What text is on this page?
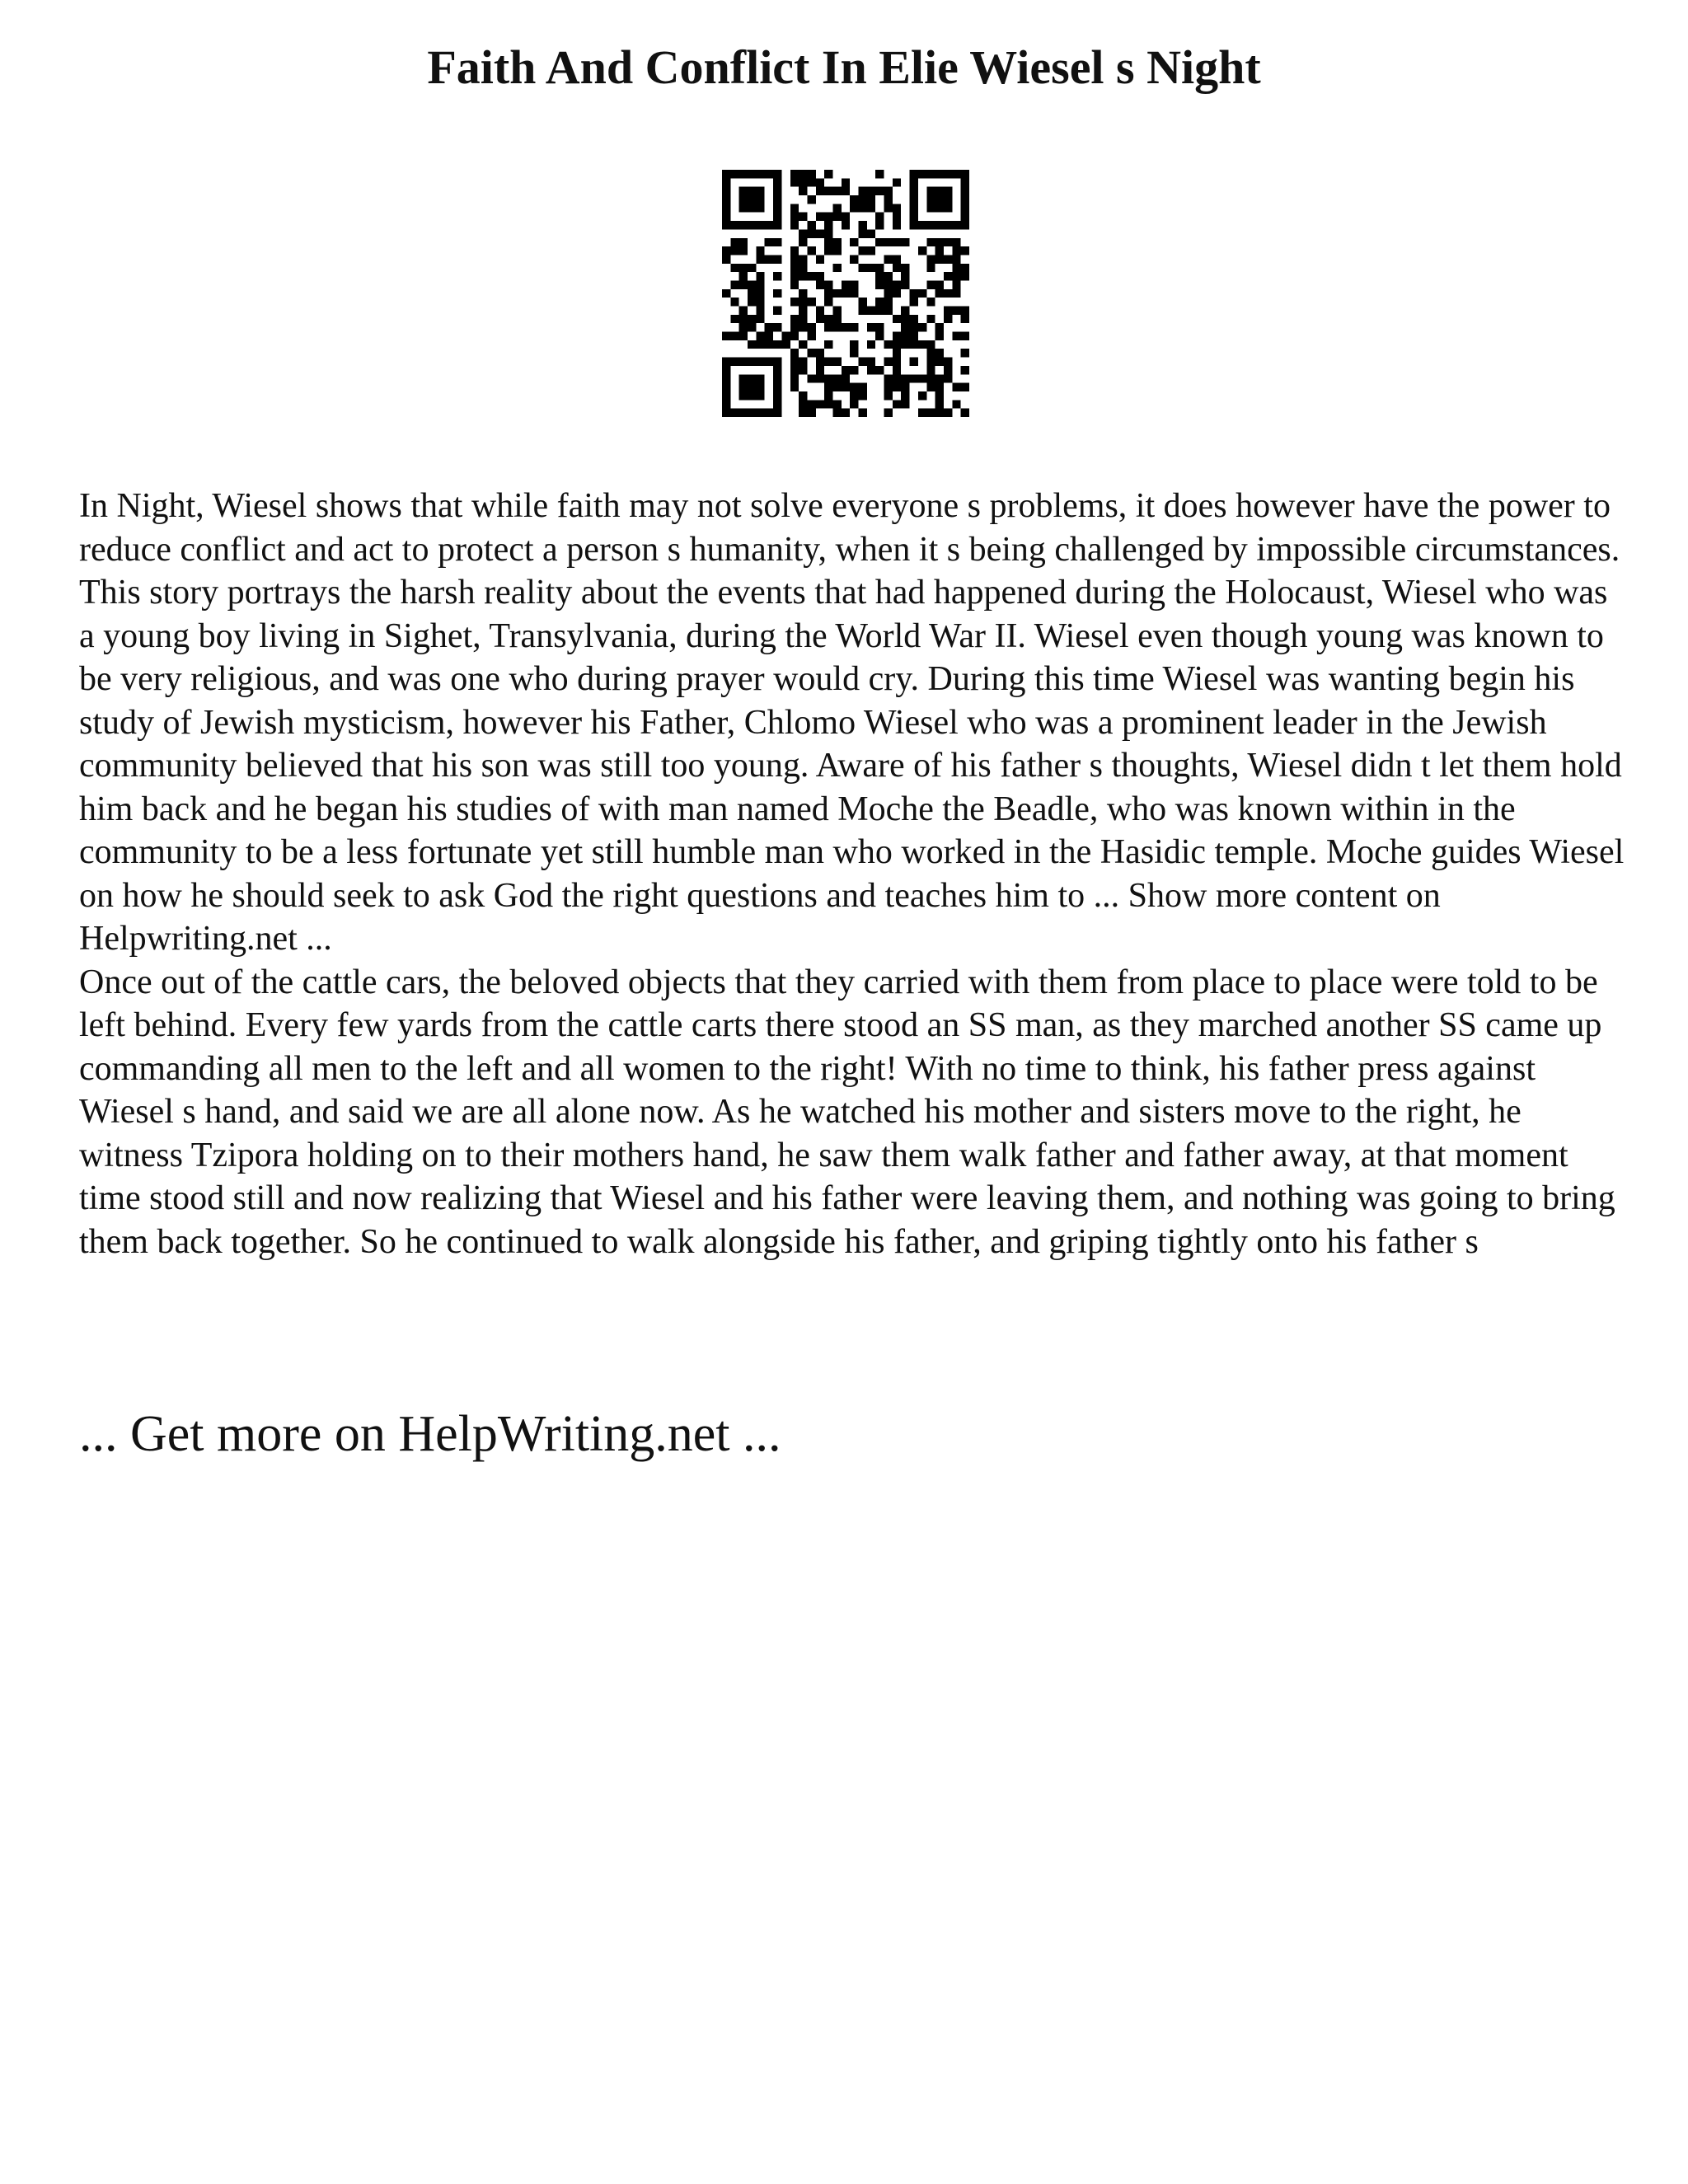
Faith And Conflict In Elie Wiesel s Night

In Night, Wiesel shows that while faith may not solve everyone s problems, it does however have the power to reduce conflict and act to protect a person s humanity, when it s being challenged by impossible circumstances.

This story portrays the harsh reality about the events that had happened during the Holocaust, Wiesel who was a young boy living in Sighet, Transylvania, during the World War II. Wiesel even though young was known to be very religious, and was one who during prayer would cry. During this time Wiesel was wanting begin his study of Jewish mysticism, however his Father, Chlomo Wiesel who was a prominent leader in the Jewish community believed that his son was still too young. Aware of his father s thoughts, Wiesel didn t let them hold him back and he began his studies of with man named Moche the Beadle, who was known within in the community to be a less fortunate yet still humble man who worked in the Hasidic temple. Moche guides Wiesel on how he should seek to ask God the right questions and teaches him to ... Show more content on Helpwriting.net ...

Once out of the cattle cars, the beloved objects that they carried with them from place to place were told to be left behind. Every few yards from the cattle carts there stood an SS man, as they marched another SS came up commanding all men to the left and all women to the right! With no time to think, his father press against Wiesel s hand, and said we are all alone now. As he watched his mother and sisters move to the right, he witness Tzipora holding on to their mothers hand, he saw them walk father and father away, at that moment time stood still and now realizing that Wiesel and his father were leaving them, and nothing was going to bring them back together. So he continued to walk alongside his father, and griping tightly onto his father s

... Get more on HelpWriting.net ...
